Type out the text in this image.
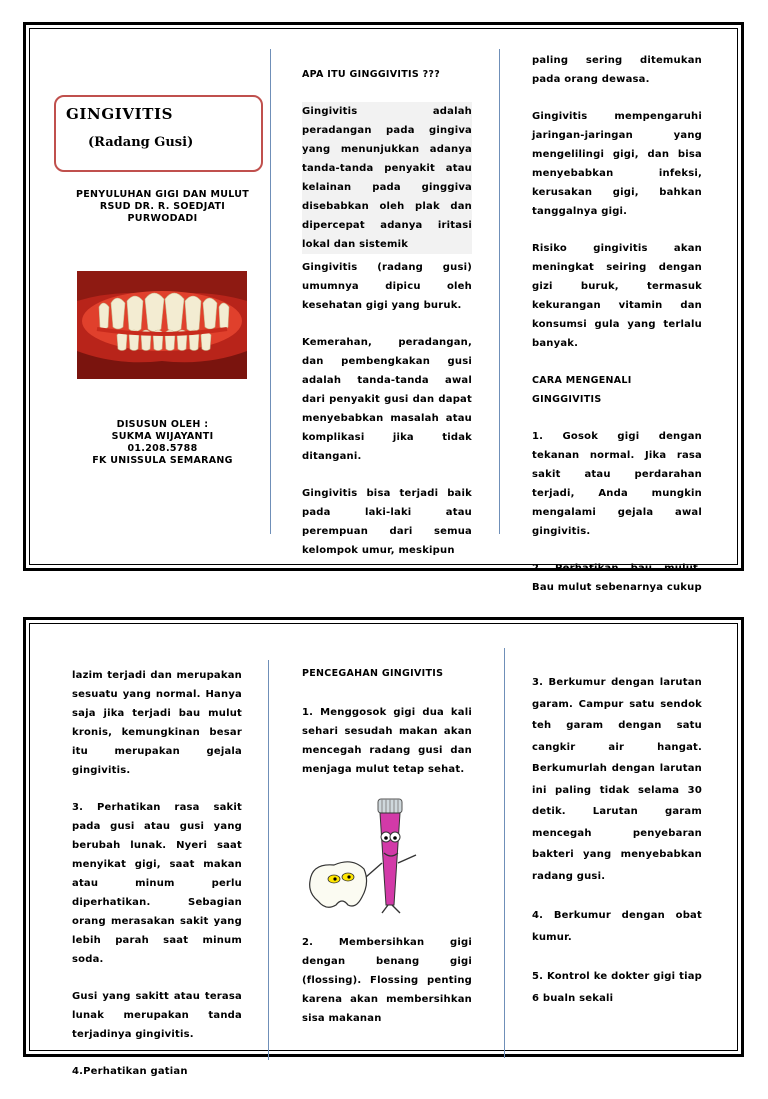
GINGIVITIS
(Radang Gusi)
PENYULUHAN GIGI DAN MULUT
RSUD DR. R. SOEDJATI
PURWODADI
DISUSUN OLEH :
SUKMA WIJAYANTI
01.208.5788
FK UNISSULA SEMARANG
APA ITU GINGGIVITIS ???

Gingivitis adalah peradangan pada gingiva yang menunjukkan adanya tanda-tanda penyakit atau kelainan pada ginggiva disebabkan oleh plak dan dipercepat adanya iritasi lokal dan sistemik

Gingivitis (radang gusi) umumnya dipicu oleh kesehatan gigi yang buruk.

Kemerahan, peradangan, dan pembengkakan gusi adalah tanda-tanda awal dari penyakit gusi dan dapat menyebabkan masalah atau komplikasi jika tidak ditangani.

Gingivitis bisa terjadi baik pada laki-laki atau perempuan dari semua kelompok umur, meskipun

paling sering ditemukan pada orang dewasa.

Gingivitis mempengaruhi jaringan-jaringan yang mengelilingi gigi, dan bisa menyebabkan infeksi, kerusakan gigi, bahkan tanggalnya gigi.

Risiko gingivitis akan meningkat seiring dengan gizi buruk, termasuk kekurangan vitamin dan konsumsi gula yang terlalu banyak.

CARA MENGENALI GINGGIVITIS

1. Gosok gigi dengan tekanan normal. Jika rasa sakit atau perdarahan terjadi, Anda mungkin mengalami gejala awal gingivitis.

2. Perhatikan bau mulut. Bau mulut sebenarnya cukup

lazim terjadi dan merupakan sesuatu yang normal. Hanya saja jika terjadi bau mulut kronis, kemungkinan besar itu merupakan gejala gingivitis.

3. Perhatikan rasa sakit pada gusi atau gusi yang berubah lunak. Nyeri saat menyikat gigi, saat makan atau minum perlu diperhatikan. Sebagian orang merasakan sakit yang lebih parah saat minum soda.

Gusi yang sakitt atau terasa lunak merupakan tanda terjadinya gingivitis.

4.Perhatikan gatian

PENCEGAHAN GINGIVITIS

1. Menggosok gigi dua kali sehari sesudah makan akan mencegah radang gusi dan menjaga mulut tetap sehat.

2. Membersihkan gigi dengan benang gigi (flossing). Flossing penting karena akan membersihkan sisa makanan

3. Berkumur dengan larutan garam. Campur satu sendok teh garam dengan satu cangkir air hangat. Berkumurlah dengan larutan ini paling tidak selama 30 detik. Larutan garam mencegah penyebaran bakteri yang menyebabkan radang gusi.

4. Berkumur dengan obat kumur.

5. Kontrol ke dokter gigi tiap 6 bualn sekali
